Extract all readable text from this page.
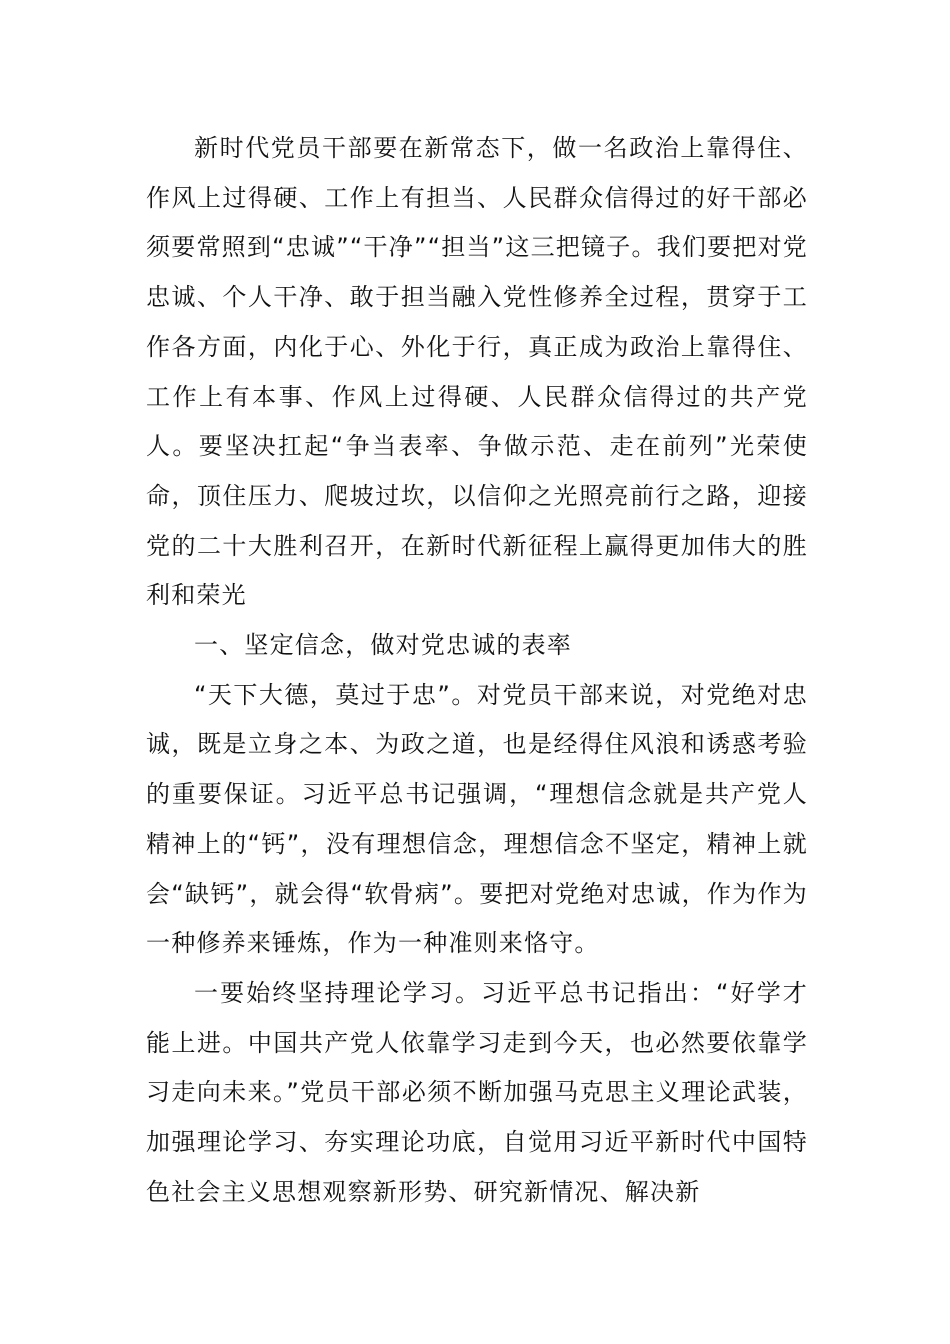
新时代党员干部要在新常态下，做一名政治上靠得住、作风上过得硬、工作上有担当、人民群众信得过的好干部必须要常照到“忠诚”“干净”“担当”这三把镜子。我们要把对党忠诚、个人干净、敢于担当融入党性修养全过程，贯穿于工作各方面，内化于心、外化于行，真正成为政治上靠得住、工作上有本事、作风上过得硬、人民群众信得过的共产党人。要坚决扛起“争当表率、争做示范、走在前列”光荣使命，顶住压力、爬坡过坎，以信仰之光照亮前行之路，迎接党的二十大胜利召开，在新时代新征程上赢得更加伟大的胜利和荣光

一、坚定信念，做对党忠诚的表率

“天下大德，莫过于忠”。对党员干部来说，对党绝对忠诚，既是立身之本、为政之道，也是经得住风浪和诱惑考验的重要保证。习近平总书记强调，“理想信念就是共产党人精神上的“钙”，没有理想信念，理想信念不坚定，精神上就会“缺钙”，就会得“软骨病”。要把对党绝对忠诚，作为作为一种修养来锤炼，作为一种准则来恪守。

一要始终坚持理论学习。习近平总书记指出：“好学才能上进。中国共产党人依靠学习走到今天，也必然要依靠学习走向未来。”党员干部必须不断加强马克思主义理论武装，加强理论学习、夯实理论功底，自觉用习近平新时代中国特色社会主义思想观察新形势、研究新情况、解决新
